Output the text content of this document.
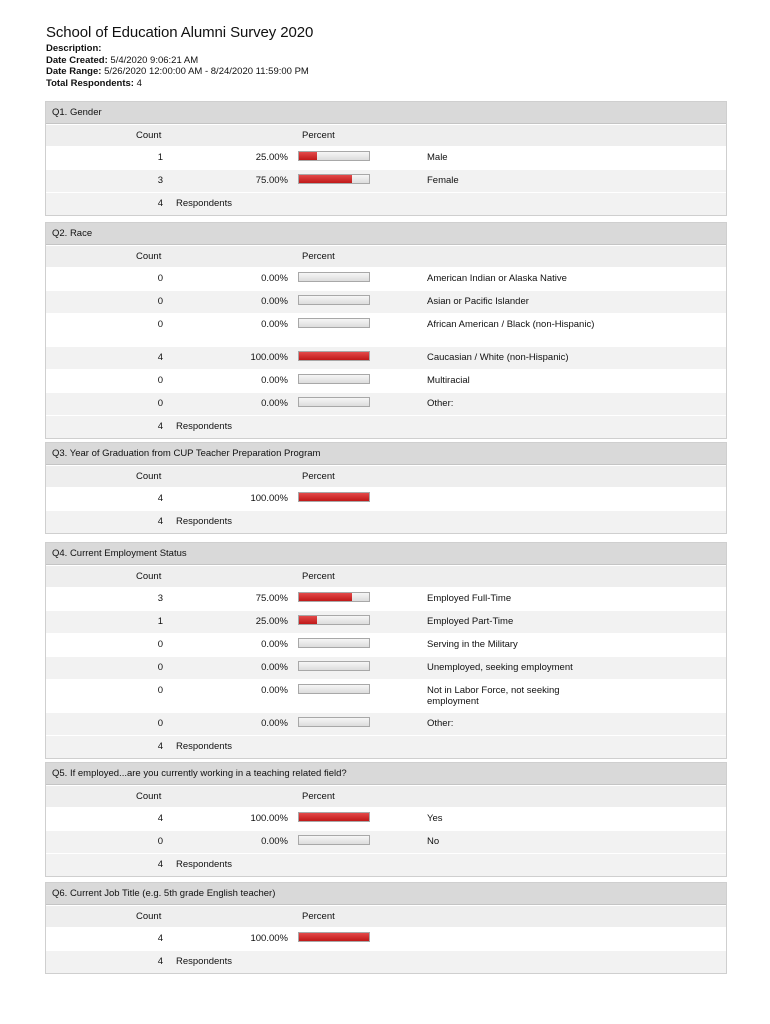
School of Education Alumni Survey 2020
Description:
Date Created: 5/4/2020 9:06:21 AM
Date Range: 5/26/2020 12:00:00 AM - 8/24/2020 11:59:00 PM
Total Respondents: 4
Q1. Gender
Count	Percent
1	25.00%	Male
3	75.00%	Female
4 Respondents
Q2. Race
Count	Percent
0	0.00%	American Indian or Alaska Native
0	0.00%	Asian or Pacific Islander
0	0.00%	African American / Black (non-Hispanic)
4	100.00%	Caucasian / White (non-Hispanic)
0	0.00%	Multiracial
0	0.00%	Other:
4 Respondents
Q3. Year of Graduation from CUP Teacher Preparation Program
Count	Percent
4	100.00%
4 Respondents
Q4. Current Employment Status
Count	Percent
3	75.00%	Employed Full-Time
1	25.00%	Employed Part-Time
0	0.00%	Serving in the Military
0	0.00%	Unemployed, seeking employment
0	0.00%	Not in Labor Force, not seeking employment
0	0.00%	Other:
4 Respondents
Q5. If employed...are you currently working in a teaching related field?
Count	Percent
4	100.00%	Yes
0	0.00%	No
4 Respondents
Q6. Current Job Title (e.g. 5th grade English teacher)
Count	Percent
4	100.00%
4 Respondents
